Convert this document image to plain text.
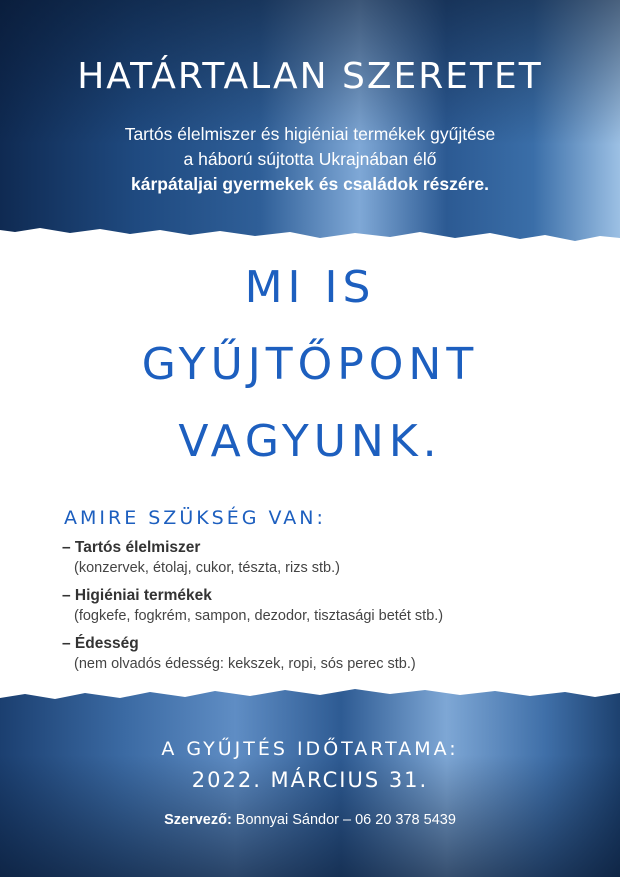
HATÁRTALAN SZERETET
Tartós élelmiszer és higiéniai termékek gyűjtése
a háború sújtotta Ukrajnában élő
kárpátaljai gyermekek és családok részére.
MI IS
GYŰJTŐPONT
VAGYUNK.
AMIRE SZÜKSÉG VAN:
– Tartós élelmiszer
(konzervek, étolaj, cukor, tészta, rizs stb.)
– Higiéniai termékek
(fogkefe, fogkrém, sampon, dezodor, tisztasági betét stb.)
– Édesség
(nem olvadós édesség: kekszek, ropi, sós perec stb.)
A GYŰJTÉS IDŐTARTAMA:
2022. MÁRCIUS 31.
Szervező: Bonnyai Sándor – 06 20 378 5439
